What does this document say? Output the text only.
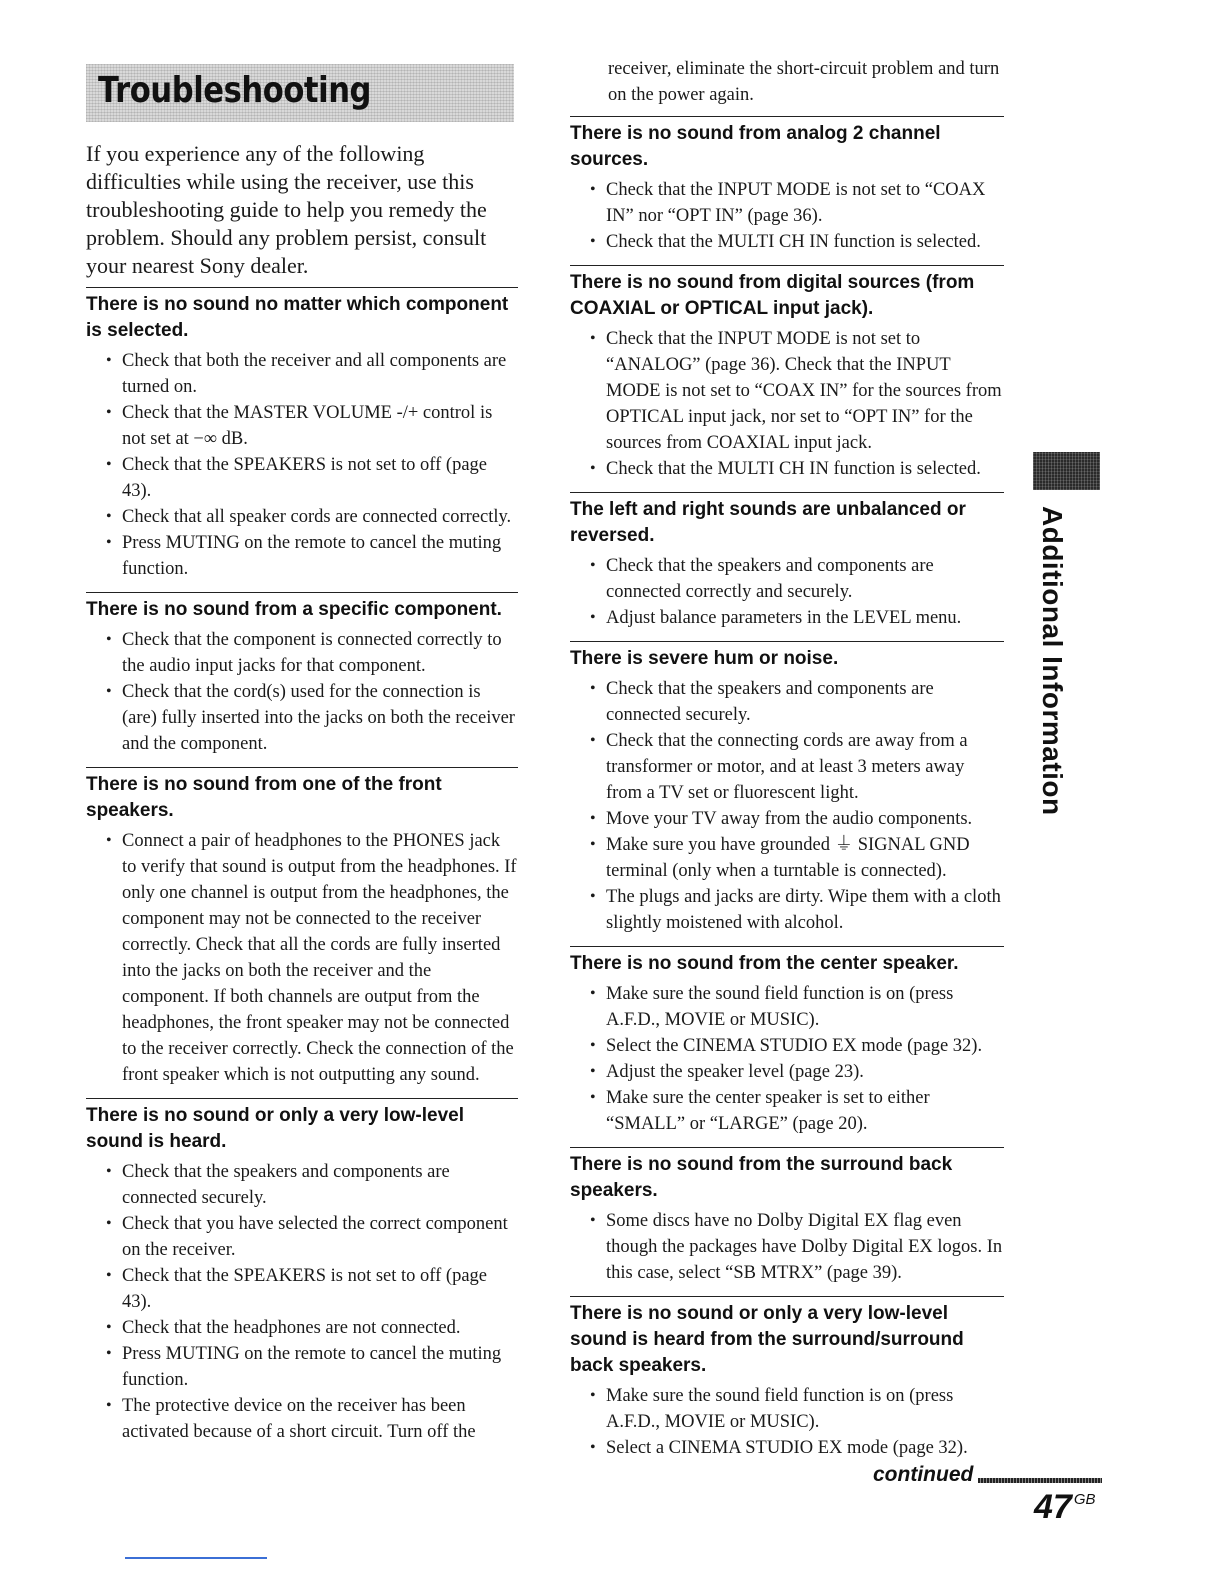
Troubleshooting

If you experience any of the following difficulties while using the receiver, use this troubleshooting guide to help you remedy the problem. Should any problem persist, consult your nearest Sony dealer.

There is no sound no matter which component is selected.
• Check that both the receiver and all components are turned on.
• Check that the MASTER VOLUME -/+ control is not set at −∞ dB.
• Check that the SPEAKERS is not set to off (page 43).
• Check that all speaker cords are connected correctly.
• Press MUTING on the remote to cancel the muting function.
There is no sound from a specific component.
• Check that the component is connected correctly to the audio input jacks for that component.
• Check that the cord(s) used for the connection is (are) fully inserted into the jacks on both the receiver and the component.
There is no sound from one of the front speakers.
• Connect a pair of headphones to the PHONES jack to verify that sound is output from the headphones. If only one channel is output from the headphones, the component may not be connected to the receiver correctly. Check that all the cords are fully inserted into the jacks on both the receiver and the component. If both channels are output from the headphones, the front speaker may not be connected to the receiver correctly. Check the connection of the front speaker which is not outputting any sound.
There is no sound or only a very low-level sound is heard.
• Check that the speakers and components are connected securely.
• Check that you have selected the correct component on the receiver.
• Check that the SPEAKERS is not set to off (page 43).
• Check that the headphones are not connected.
• Press MUTING on the remote to cancel the muting function.
• The protective device on the receiver has been activated because of a short circuit. Turn off the

receiver, eliminate the short-circuit problem and turn on the power again.

There is no sound from analog 2 channel sources.
• Check that the INPUT MODE is not set to “COAX IN” nor “OPT IN” (page 36).
• Check that the MULTI CH IN function is selected.
There is no sound from digital sources (from COAXIAL or OPTICAL input jack).
• Check that the INPUT MODE is not set to “ANALOG” (page 36). Check that the INPUT MODE is not set to “COAX IN” for the sources from OPTICAL input jack, nor set to “OPT IN” for the sources from COAXIAL input jack.
• Check that the MULTI CH IN function is selected.
The left and right sounds are unbalanced or reversed.
• Check that the speakers and components are connected correctly and securely.
• Adjust balance parameters in the LEVEL menu.
There is severe hum or noise.
• Check that the speakers and components are connected securely.
• Check that the connecting cords are away from a transformer or motor, and at least 3 meters away from a TV set or fluorescent light.
• Move your TV away from the audio components.
• Make sure you have grounded ⏚ SIGNAL GND terminal (only when a turntable is connected).
• The plugs and jacks are dirty. Wipe them with a cloth slightly moistened with alcohol.
There is no sound from the center speaker.
• Make sure the sound field function is on (press A.F.D., MOVIE or MUSIC).
• Select the CINEMA STUDIO EX mode (page 32).
• Adjust the speaker level (page 23).
• Make sure the center speaker is set to either “SMALL” or “LARGE” (page 20).
There is no sound from the surround back speakers.
• Some discs have no Dolby Digital EX flag even though the packages have Dolby Digital EX logos. In this case, select “SB MTRX” (page 39).
There is no sound or only a very low-level sound is heard from the surround/surround back speakers.
• Make sure the sound field function is on (press A.F.D., MOVIE or MUSIC).
• Select a CINEMA STUDIO EX mode (page 32).
Additional Information
continued
47 $^{GB}$
